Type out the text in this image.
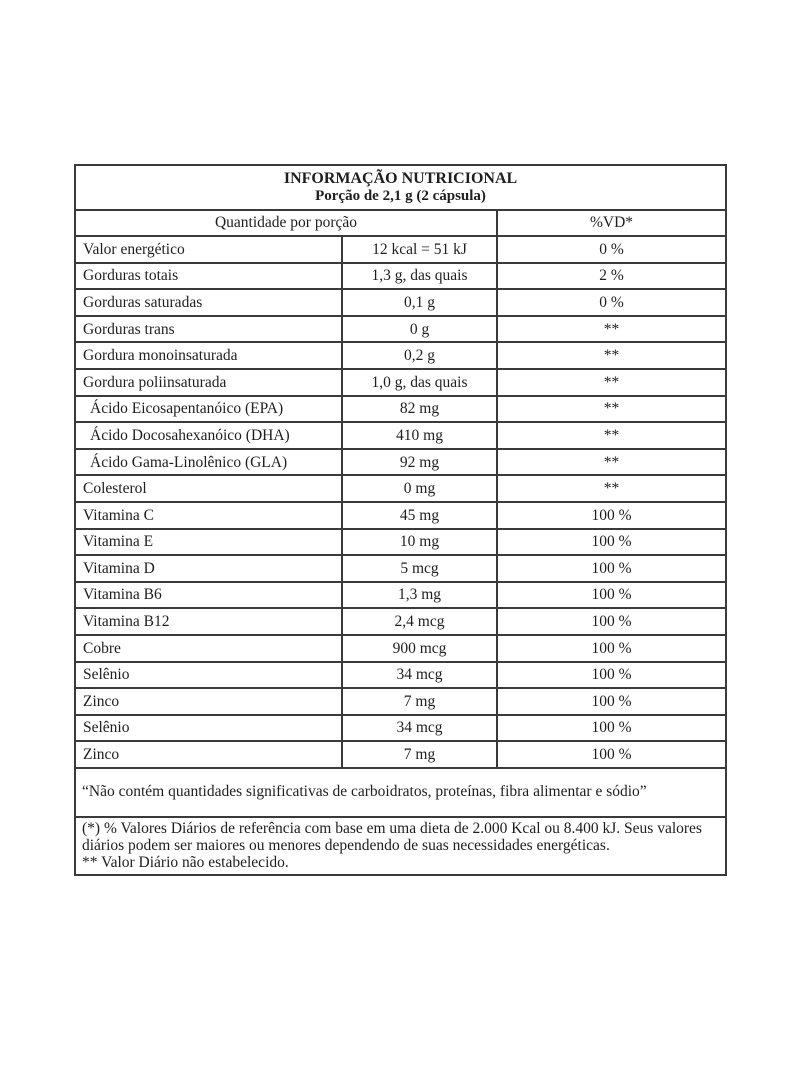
INFORMAÇÃO NUTRICIONAL
Porção de 2,1 g (2 cápsula)		

Quantidade por porção		%VD*
Valor energético	12 kcal = 51 kJ	0 %
Gorduras totais	1,3 g, das quais	2 %
Gorduras saturadas	0,1 g	0 %
Gorduras trans	0 g	**
Gordura monoinsaturada	0,2 g	**
Gordura poliinsaturada	1,0 g, das quais	**
Ácido Eicosapentanóico (EPA)	82 mg	**
Ácido Docosahexanóico (DHA)	410 mg	**
Ácido Gama-Linolênico (GLA)	92 mg	**
Colesterol	0 mg	**
Vitamina C	45 mg	100 %
Vitamina E	10 mg	100 %
Vitamina D	5 mcg	100 %
Vitamina B6	1,3 mg	100 %
Vitamina B12	2,4 mcg	100 %
Cobre	900 mcg	100 %
Selênio	34 mcg	100 %
Zinco	7 mg	100 %
Selênio	34 mcg	100 %
Zinco	7 mg	100 %
“Não contém quantidades significativas de carboidratos, proteínas, fibra alimentar e sódio”		

(*) % Valores Diários de referência com base em uma dieta de 2.000 Kcal ou 8.400 kJ. Seus valores diários podem ser maiores ou menores dependendo de suas necessidades energéticas.
** Valor Diário não estabelecido.		
